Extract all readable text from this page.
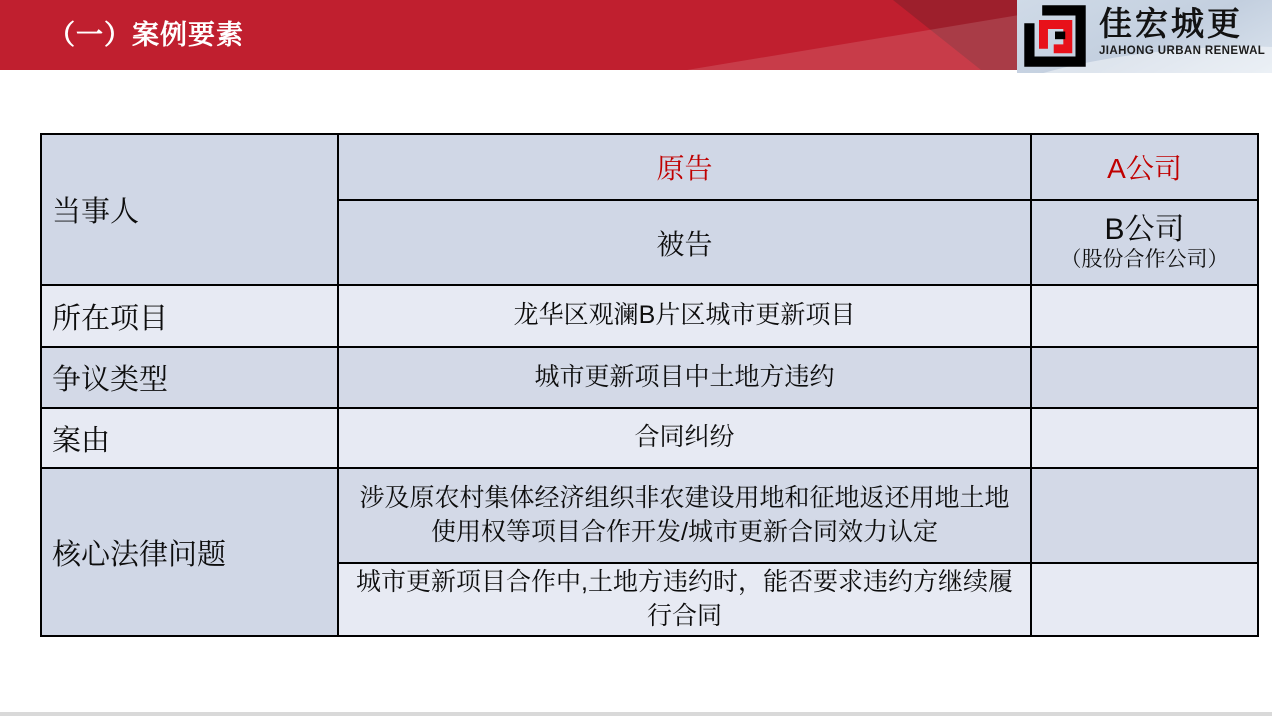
（一）案例要素	佳宏城更
JIAHONG URBAN RENEWAL
当事人	原告	A公司
	被告	B公司
（股份合作公司）

所在项目	龙华区观澜B片区城市更新项目	
争议类型	城市更新项目中土地方违约	
案由	合同纠纷	
核心法律问题	涉及原农村集体经济组织非农建设用地和征地返还用地土地使用权等项目合作开发/城市更新合同效力认定	
	城市更新项目合作中,土地方违约时，能否要求违约方继续履行合同	
